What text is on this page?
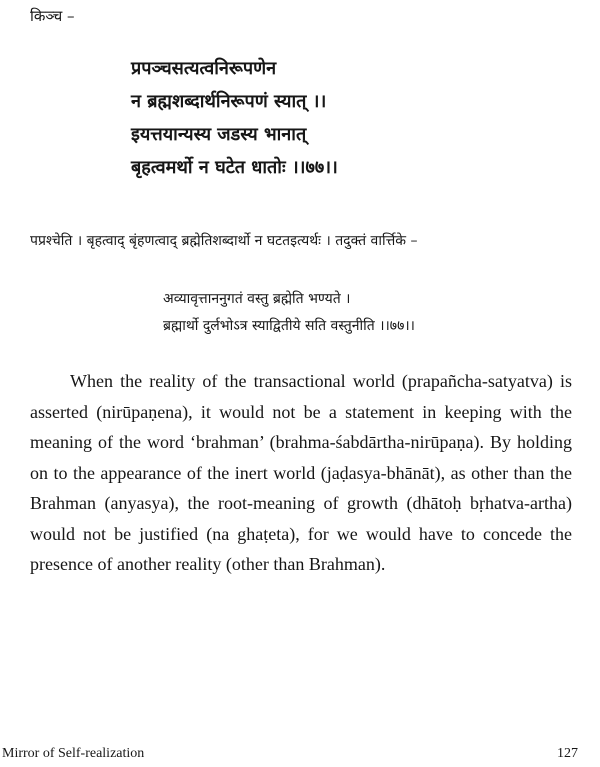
किञ्च –
प्रपञ्चसत्यत्वनिरूपणेन
न ब्रह्मशब्दार्थनिरूपणं स्यात् ।।
इयत्तयान्यस्य जडस्य भानात्
बृहत्वमर्थो न घटेत धातोः ।।७७।।
पप्रश्चेति । बृहत्वाद् बृंहणत्वाद् ब्रह्मेतिशब्दार्थो न घटतइत्यर्थः । तदुक्तं वार्त्तिके –
अव्यावृत्ताननुगतं वस्तु ब्रह्मेति भण्यते ।
ब्रह्मार्थो दुर्लभोऽत्र स्याद्वितीये सति वस्तुनीति ।।७७।।

When the reality of the transactional world (prapañcha-satyatva) is asserted (nirūpaṇena), it would not be a statement in keeping with the meaning of the word ‘brahman’ (brahma-śabdārtha-nirūpaṇa). By holding on to the appearance of the inert world (jaḍasya-bhānāt), as other than the Brahman (anyasya), the root-meaning of growth (dhātoḥ bṛhatva-artha) would not be justified (na ghaṭeta), for we would have to concede the presence of another reality (other than Brahman).

Mirror of Self-realization	127
